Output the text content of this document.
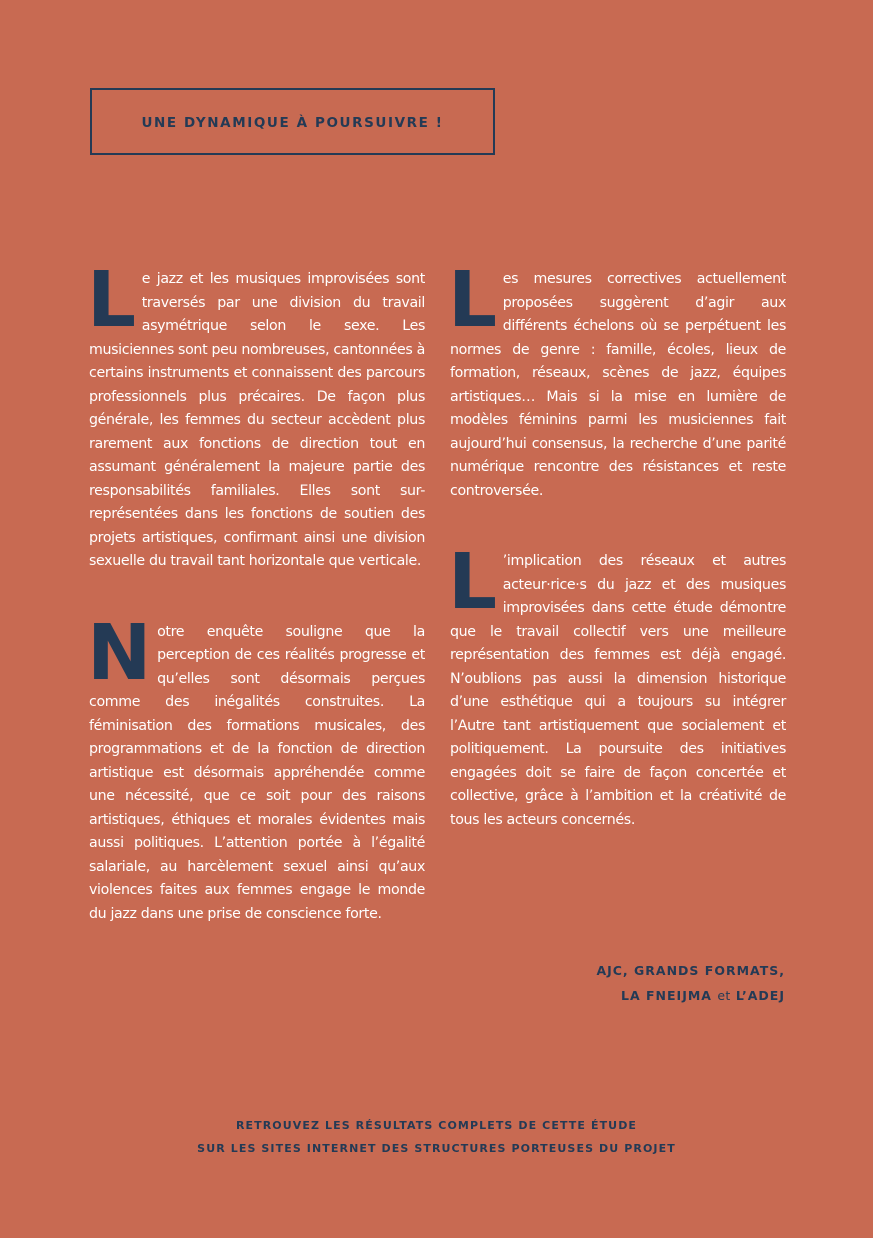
UNE DYNAMIQUE À POURSUIVRE !

Le jazz et les musiques improvisées sont traversés par une division du travail asymétrique selon le sexe. Les musiciennes sont peu nombreuses, cantonnées à certains instruments et connaissent des parcours professionnels plus précaires. De façon plus générale, les femmes du secteur accèdent plus rarement aux fonctions de direction tout en assumant généralement la majeure partie des responsabilités familiales. Elles sont sur-représentées dans les fonctions de soutien des projets artistiques, confirmant ainsi une division sexuelle du travail tant horizontale que verticale.

Notre enquête souligne que la perception de ces réalités progresse et qu’elles sont désormais perçues comme des inégalités construites. La féminisation des formations musicales, des programmations et de la fonction de direction artistique est désormais appréhendée comme une nécessité, que ce soit pour des raisons artistiques, éthiques et morales évidentes mais aussi politiques. L’attention portée à l’égalité salariale, au harcèlement sexuel ainsi qu’aux violences faites aux femmes engage le monde du jazz dans une prise de conscience forte.

Les mesures correctives actuellement proposées suggèrent d’agir aux différents échelons où se perpétuent les normes de genre : famille, écoles, lieux de formation, réseaux, scènes de jazz, équipes artistiques… Mais si la mise en lumière de modèles féminins parmi les musiciennes fait aujourd’hui consensus, la recherche d’une parité numérique rencontre des résistances et reste controversée.

L ’implication des réseaux et autres acteur·rice·s du jazz et des musiques improvisées dans cette étude démontre que le travail collectif vers une meilleure représentation des femmes est déjà engagé. N’oublions pas aussi la dimension historique d’une esthétique qui a toujours su intégrer l’Autre tant artistiquement que socialement et politiquement. La poursuite des initiatives engagées doit se faire de façon concertée et collective, grâce à l’ambition et la créativité de tous les acteurs concernés.

AJC, GRANDS FORMATS,
LA FNEIJMA et L’ADEJ
RETROUVEZ LES RÉSULTATS COMPLETS DE CETTE ÉTUDE
SUR LES SITES INTERNET DES STRUCTURES PORTEUSES DU PROJET
